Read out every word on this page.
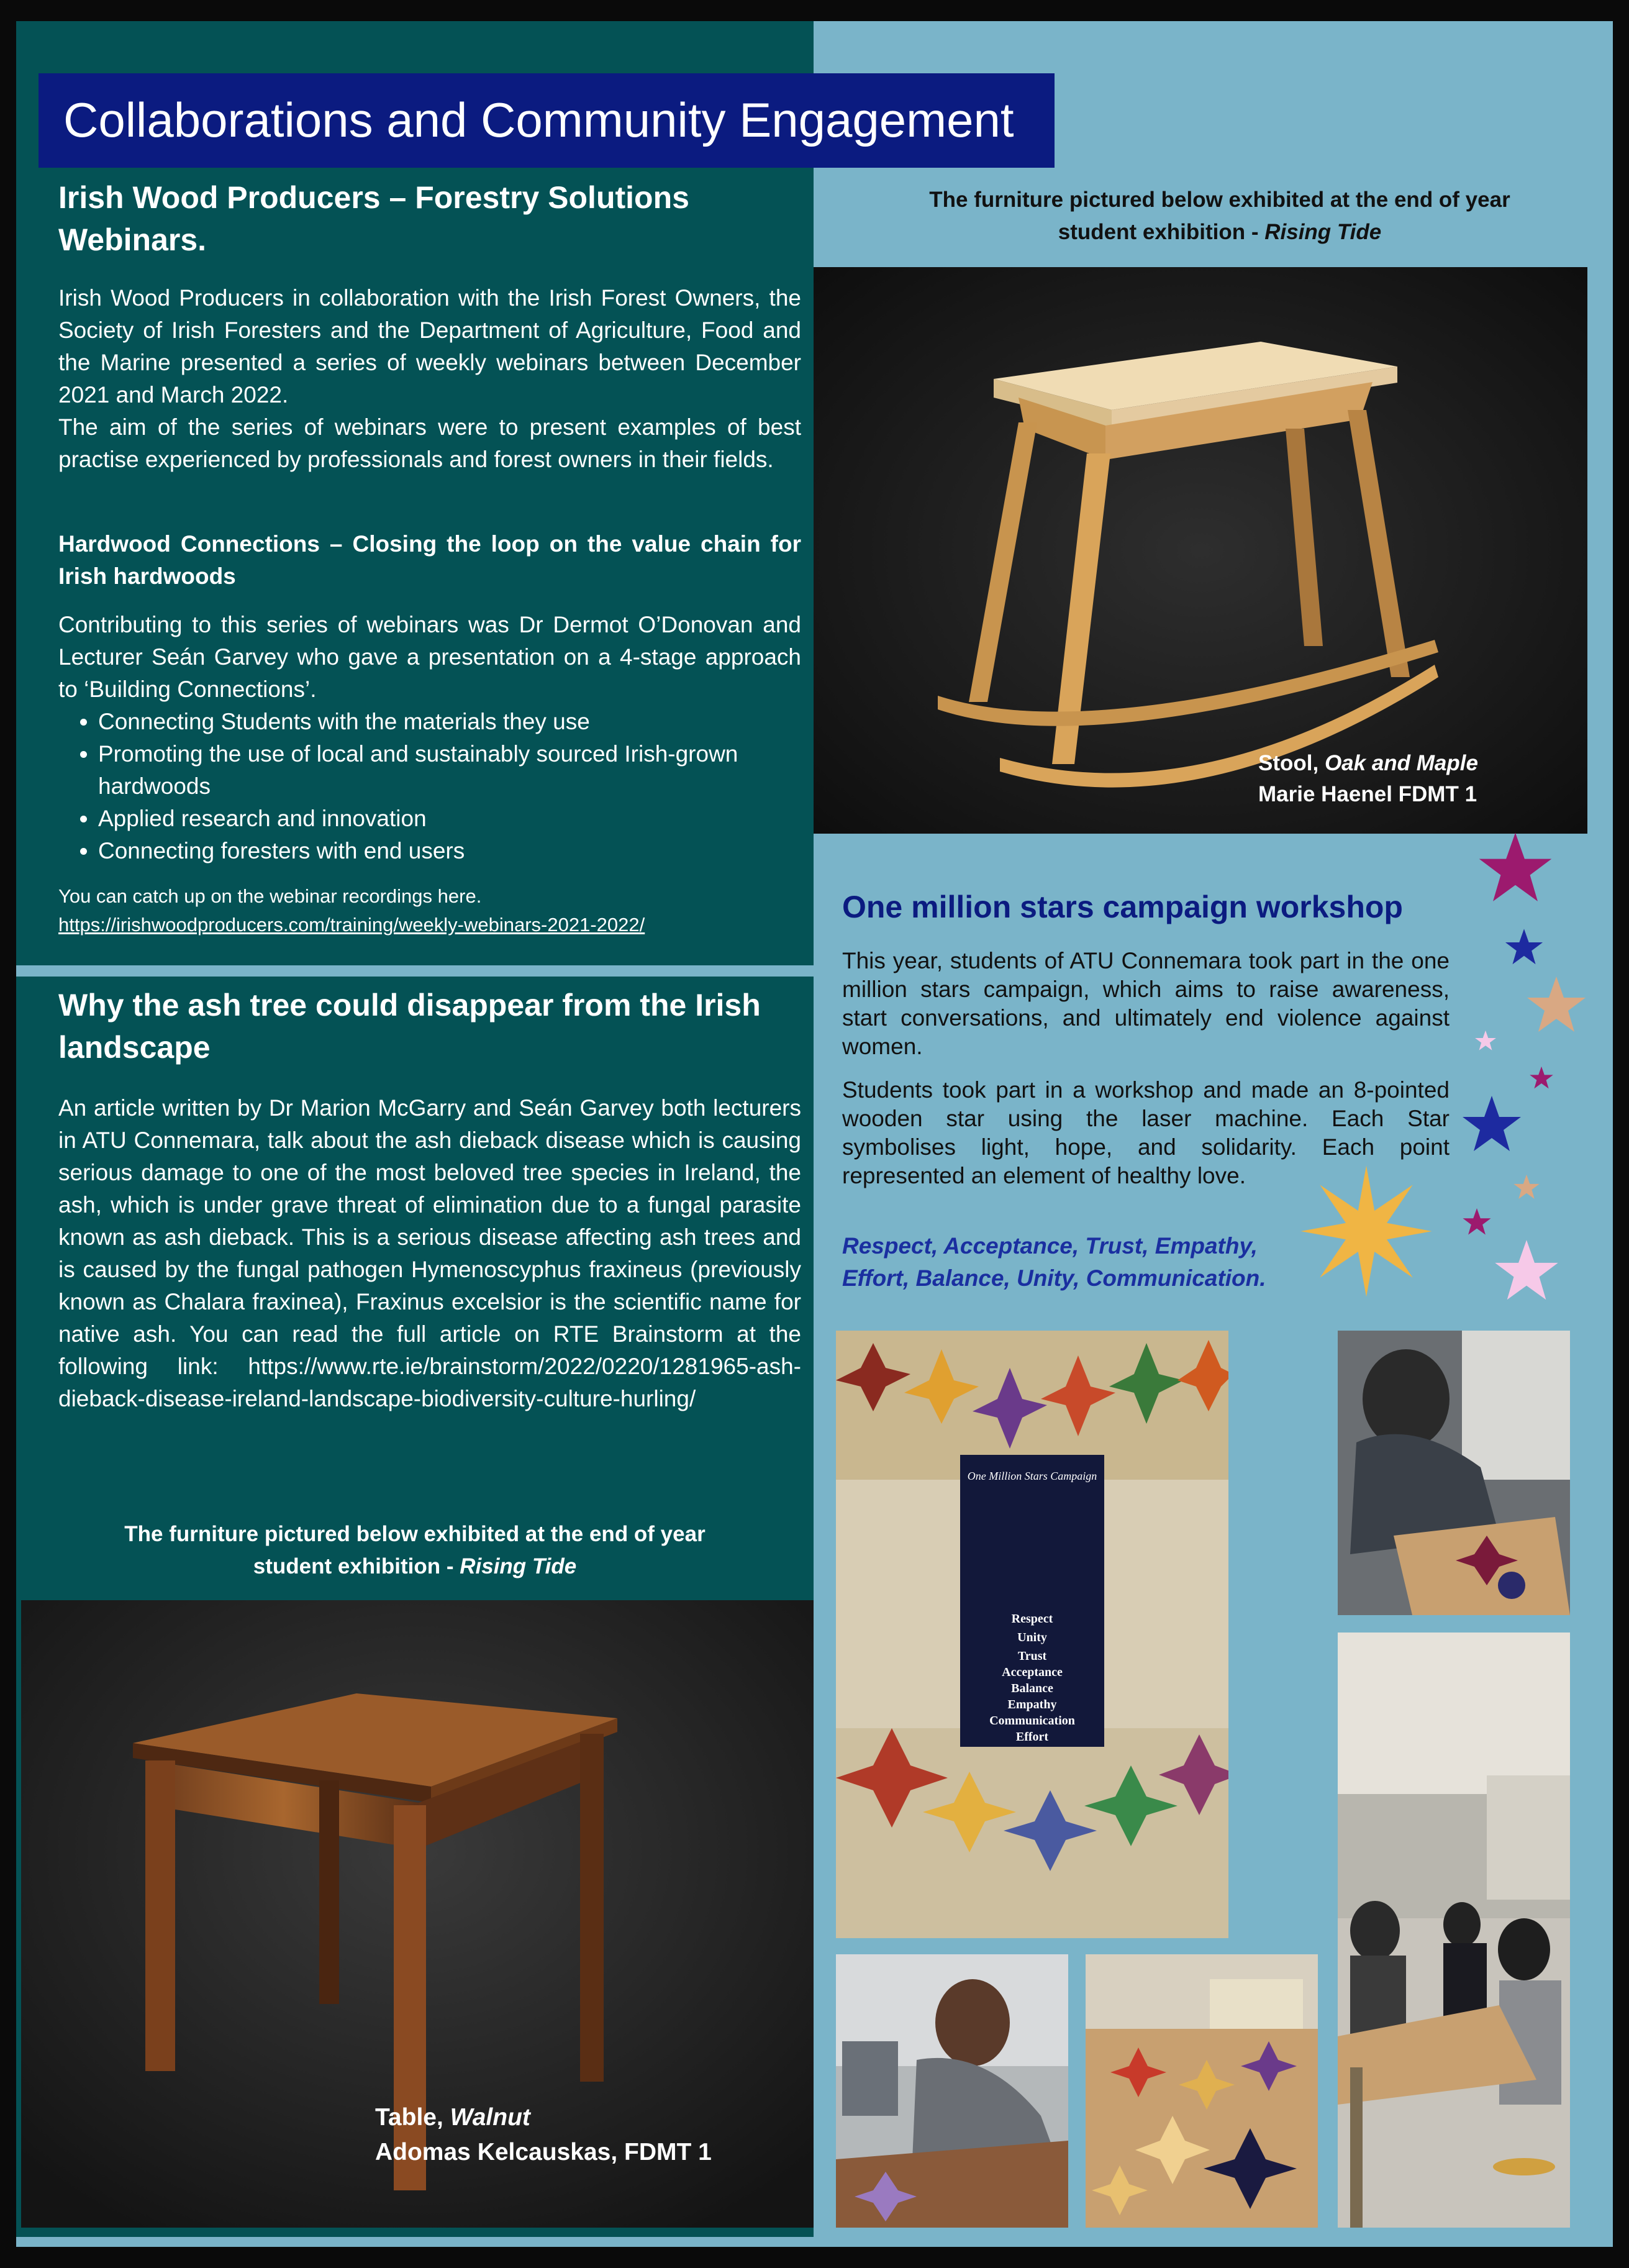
Irish Wood Producers – Forestry Solutions Webinars.

Irish Wood Producers in collaboration with the Irish Forest Owners, the Society of Irish Foresters and the Department of Agriculture, Food and the Marine presented a series of weekly webinars between December 2021 and March 2022.

The aim of the series of webinars were to present examples of best practise experienced by professionals and forest owners in their fields.

Hardwood Connections – Closing the loop on the value chain for Irish hardwoods
Contributing to this series of webinars was Dr Dermot O’Donovan and Lecturer Seán Garvey who gave a presentation on a 4-stage approach to ‘Building Connections’.
• Connecting Students with the materials they use
• Promoting the use of local and sustainably sourced Irish-grown hardwoods
• Applied research and innovation
• Connecting foresters with end users
You can catch up on the webinar recordings here.
https://irishwoodproducers.com/training/weekly-webinars-2021-2022/
Why the ash tree could disappear from the Irish landscape
An article written by Dr Marion McGarry and Seán Garvey both lecturers in ATU Connemara, talk about the ash dieback disease which is causing serious damage to one of the most beloved tree species in Ireland, the ash, which is under grave threat of elimination due to a fungal parasite known as ash dieback. This is a serious disease affecting ash trees and is caused by the fungal pathogen Hymenoscyphus fraxineus (previously known as Chalara fraxinea), Fraxinus excelsior is the scientific name for native ash. You can read the full article on RTE Brainstorm at the following link: https://www.rte.ie/brainstorm/2022/0220/1281965-ash-dieback-disease-ireland-landscape-biodiversity-culture-hurling/
The furniture pictured below exhibited at the end of year
student exhibition - Rising Tide
Table, Walnut
Adomas Kelcauskas, FDMT 1
Collaborations and Community Engagement
The furniture pictured below exhibited at the end of year
student exhibition - Rising Tide
Stool, Oak and Maple
Marie Haenel FDMT 1
One million stars campaign workshop

This year, students of ATU Connemara took part in the one million stars campaign, which aims to raise awareness, start conversations, and ultimately end violence against women.

Students took part in a workshop and made an 8-pointed wooden star using the laser machine. Each Star symbolises light, hope, and solidarity. Each point represented an element of healthy love.

Respect, Acceptance, Trust, Empathy,
Effort, Balance, Unity, Communication.
One Million Stars Campaign
Respect
Unity
Trust
Acceptance
Balance
Empathy
Communication
Effort
